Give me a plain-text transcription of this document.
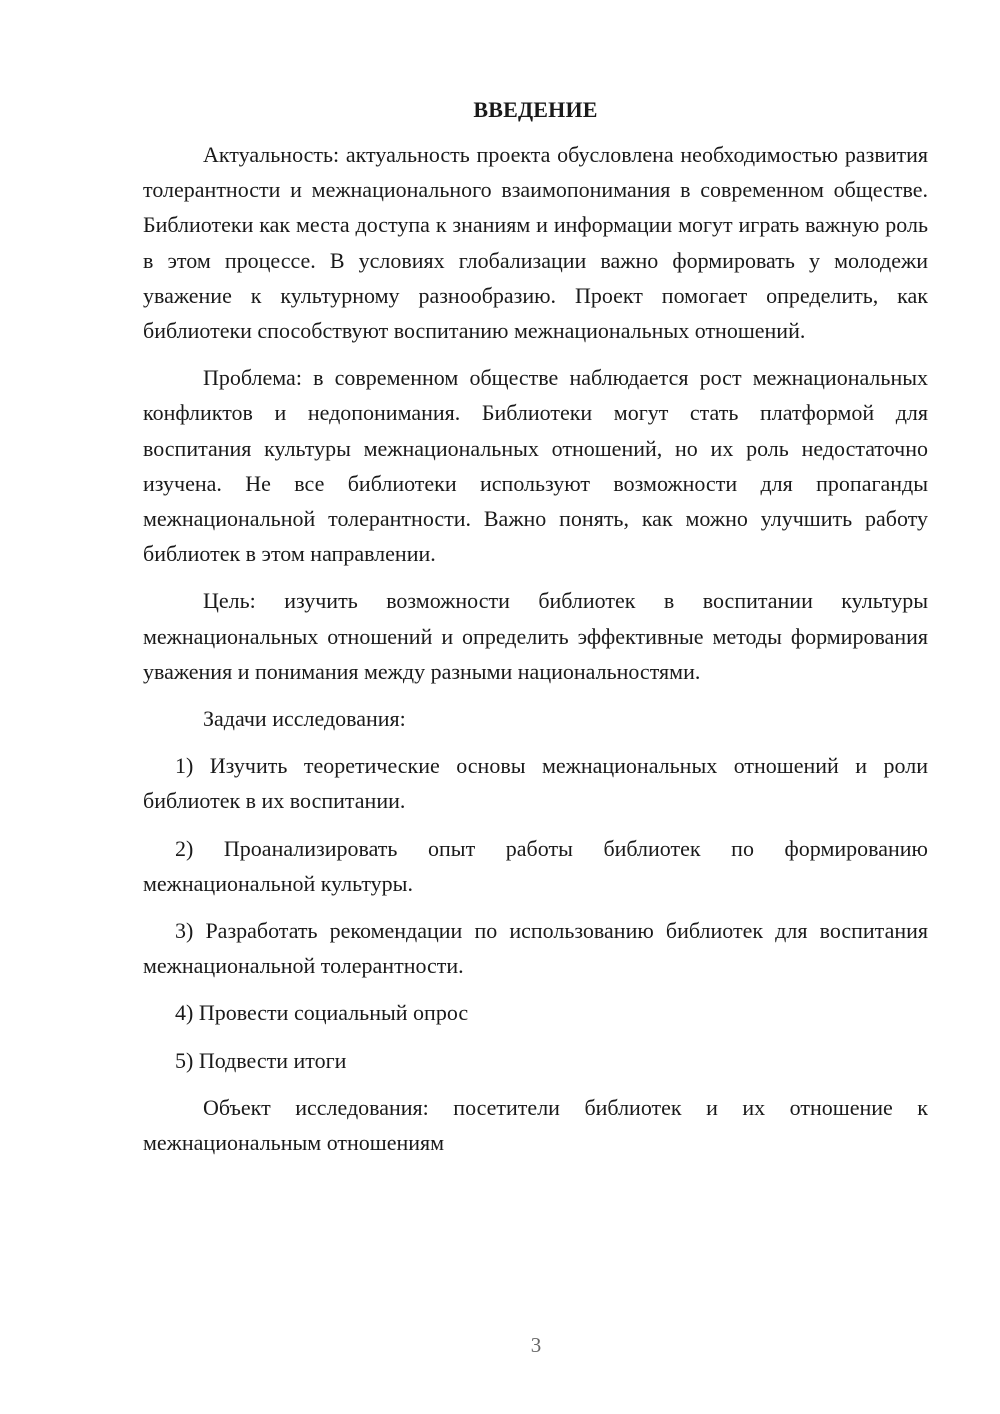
ВВЕДЕНИЕ

Актуальность: актуальность проекта обусловлена необходимостью развития толерантности и межнационального взаимопонимания в современном обществе. Библиотеки как места доступа к знаниям и информации могут играть важную роль в этом процессе. В условиях глобализации важно формировать у молодежи уважение к культурному разнообразию. Проект помогает определить, как библиотеки способствуют воспитанию межнациональных отношений.

Проблема: в современном обществе наблюдается рост межнациональных конфликтов и недопонимания. Библиотеки могут стать платформой для воспитания культуры межнациональных отношений, но их роль недостаточно изучена. Не все библиотеки используют возможности для пропаганды межнациональной толерантности. Важно понять, как можно улучшить работу библиотек в этом направлении.

Цель: изучить возможности библиотек в воспитании культуры межнациональных отношений и определить эффективные методы формирования уважения и понимания между разными национальностями.

Задачи исследования:

1) Изучить теоретические основы межнациональных отношений и роли библиотек в их воспитании.

2) Проанализировать опыт работы библиотек по формированию межнациональной культуры.

3) Разработать рекомендации по использованию библиотек для воспитания межнациональной толерантности.

4) Провести социальный опрос

5) Подвести итоги

Объект исследования: посетители библиотек и их отношение к межнациональным отношениям

3
